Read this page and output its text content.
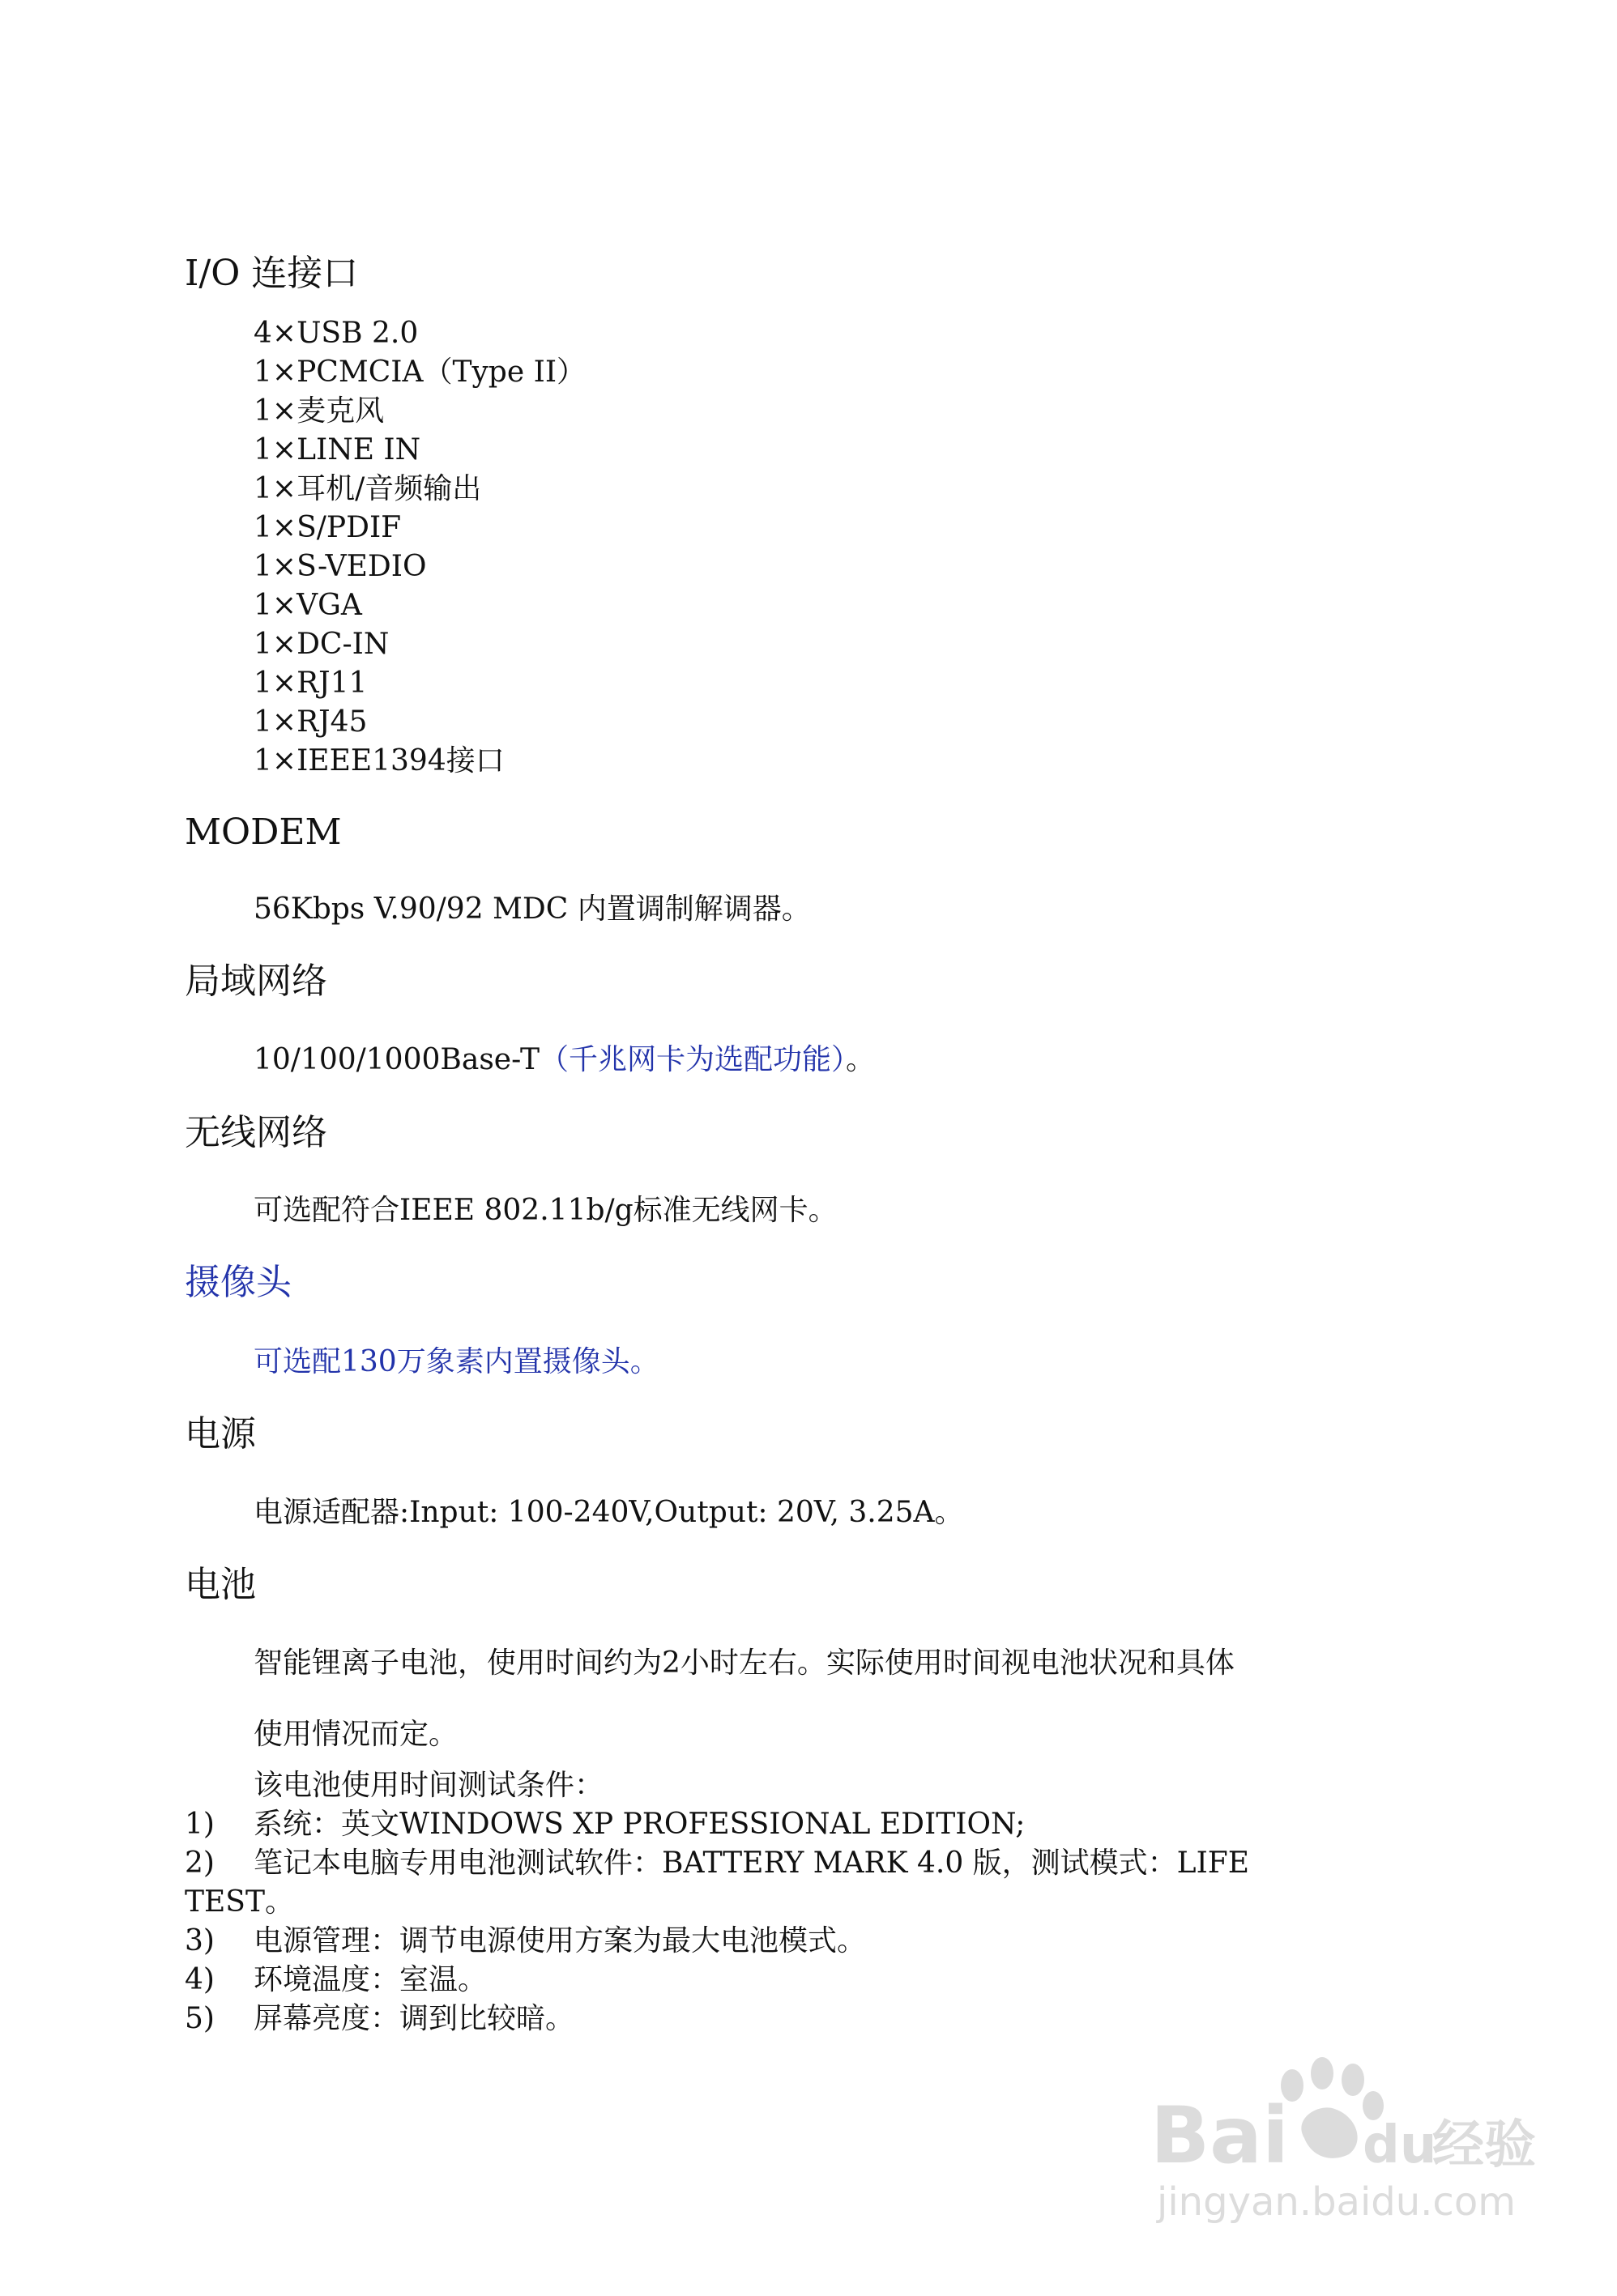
I/O 连接口
4×USB 2.0
1×PCMCIA（Type II）
1×麦克风
1×LINE IN
1×耳机/音频输出
1×S/PDIF
1×S-VEDIO
1×VGA
1×DC-IN
1×RJ11
1×RJ45
1×IEEE1394接口
MODEM
56Kbps V.90/92 MDC 内置调制解调器。
局域网络
10/100/1000Base-T（千兆网卡为选配功能）。
无线网络
可选配符合IEEE 802.11b/g标准无线网卡。
摄像头
可选配130万象素内置摄像头。
电源
电源适配器:Input: 100-240V,Output: 20V, 3.25A。
电池
智能锂离子电池，使用时间约为2小时左右。实际使用时间视电池状况和具体
使用情况而定。
该电池使用时间测试条件：
1) 系统：英文WINDOWS XP PROFESSIONAL EDITION;
2) 笔记本电脑专用电池测试软件：BATTERY MARK 4.0 版，测试模式：LIFE
TEST。
3) 电源管理：调节电源使用方案为最大电池模式。
4) 环境温度：室温。
5) 屏幕亮度：调到比较暗。
Bai du
经验
jingyan.baidu.com
